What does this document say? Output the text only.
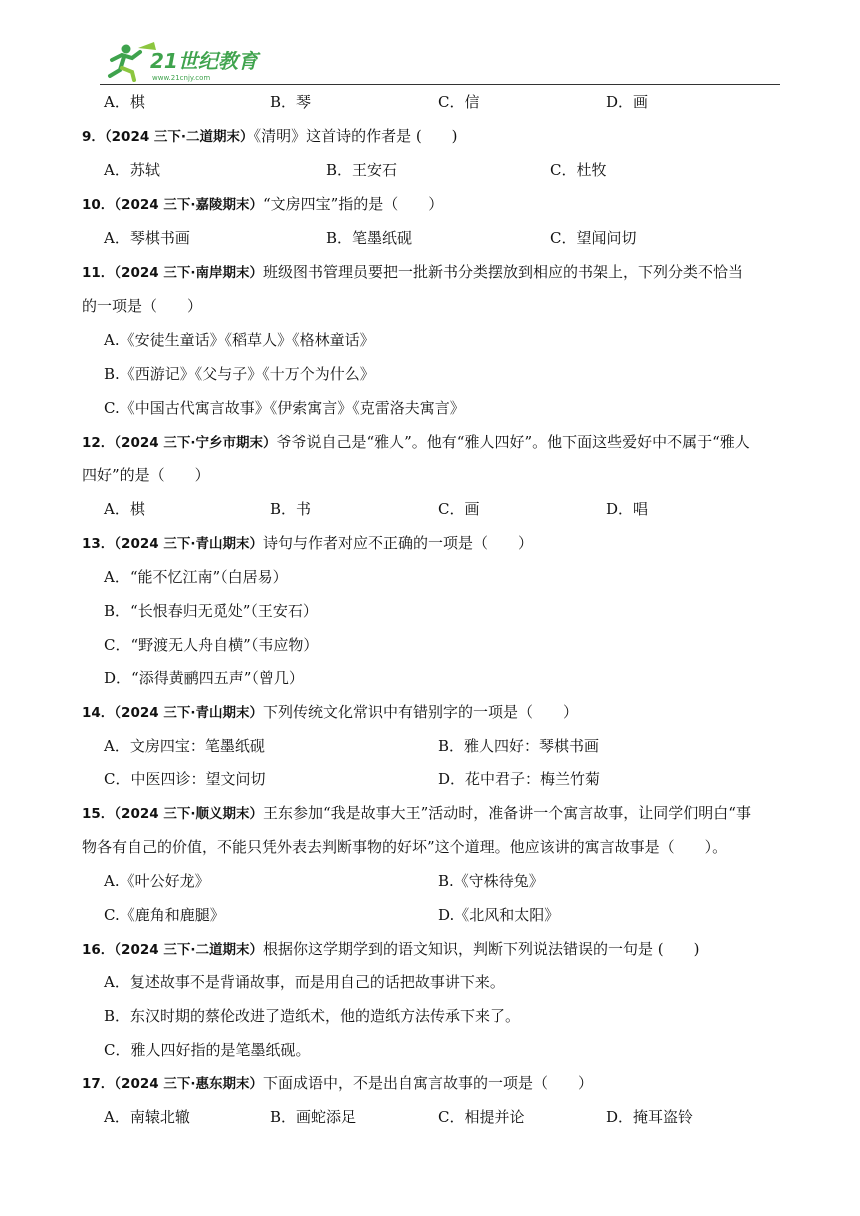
21世纪教育
www.21cnjy.com
A．棋	B．琴	C．信	D．画
9．（2024 三下·二道期末）《清明》这首诗的作者是 (　　)
A．苏轼	B．王安石	C．杜牧
10．（2024 三下·嘉陵期末）“文房四宝”指的是（　　）
A．琴棋书画	B．笔墨纸砚	C．望闻问切
11．（2024 三下·南岸期末）班级图书管理员要把一批新书分类摆放到相应的书架上，下列分类不恰当
的一项是（　　）
A.《安徒生童话》《稻草人》《格林童话》
B.《西游记》《父与子》《十万个为什么》
C.《中国古代寓言故事》《伊索寓言》《克雷洛夫寓言》
12．（2024 三下·宁乡市期末）爷爷说自己是“雅人”。他有“雅人四好”。他下面这些爱好中不属于“雅人
四好”的是（　　）
A．棋	B．书	C．画	D．唱
13．（2024 三下·青山期末）诗句与作者对应不正确的一项是（　　）
A．“能不忆江南”（白居易）
B．“长恨春归无觅处”（王安石）
C．“野渡无人舟自横”（韦应物）
D．“添得黄鹂四五声”（曾几）
14．（2024 三下·青山期末）下列传统文化常识中有错别字的一项是（　　）
A．文房四宝：笔墨纸砚	B．雅人四好：琴棋书画
C．中医四诊：望文问切	D．花中君子：梅兰竹菊
15．（2024 三下·顺义期末）王东参加“我是故事大王”活动时，准备讲一个寓言故事，让同学们明白“事
物各有自己的价值，不能只凭外表去判断事物的好坏”这个道理。他应该讲的寓言故事是（　　）。
A.《叶公好龙》	B.《守株待兔》
C.《鹿角和鹿腿》	D.《北风和太阳》
16．（2024 三下·二道期末）根据你这学期学到的语文知识，判断下列说法错误的一句是 (　　)
A．复述故事不是背诵故事，而是用自己的话把故事讲下来。
B．东汉时期的蔡伦改进了造纸术，他的造纸方法传承下来了。
C．雅人四好指的是笔墨纸砚。
17．（2024 三下·惠东期末）下面成语中，不是出自寓言故事的一项是（　　）
A．南辕北辙	B．画蛇添足	C．相提并论	D．掩耳盗铃
